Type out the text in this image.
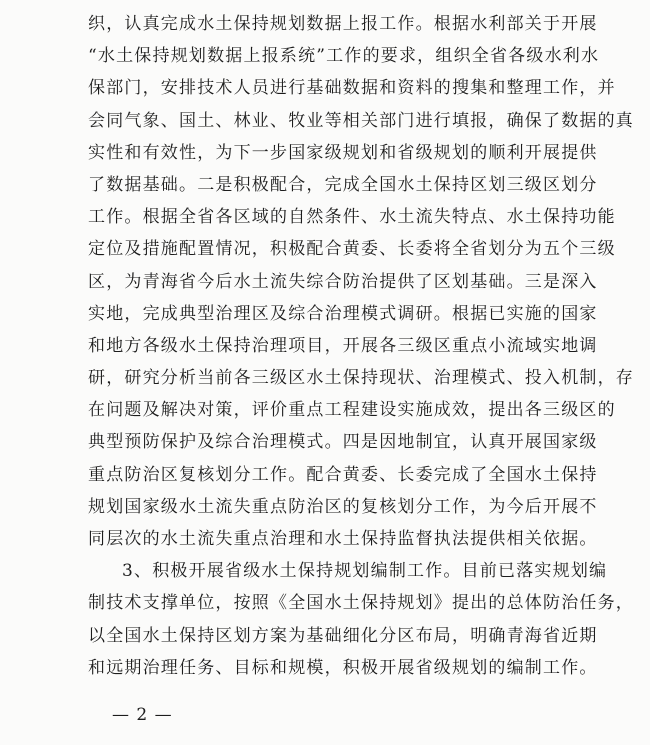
织，认真完成水土保持规划数据上报工作。根据水利部关于开展
“水土保持规划数据上报系统”工作的要求，组织全省各级水利水
保部门，安排技术人员进行基础数据和资料的搜集和整理工作，并
会同气象、国土、林业、牧业等相关部门进行填报，确保了数据的真
实性和有效性，为下一步国家级规划和省级规划的顺利开展提供
了数据基础。二是积极配合，完成全国水土保持区划三级区划分
工作。根据全省各区域的自然条件、水土流失特点、水土保持功能
定位及措施配置情况，积极配合黄委、长委将全省划分为五个三级
区，为青海省今后水土流失综合防治提供了区划基础。三是深入
实地，完成典型治理区及综合治理模式调研。根据已实施的国家
和地方各级水土保持治理项目，开展各三级区重点小流域实地调
研，研究分析当前各三级区水土保持现状、治理模式、投入机制，存
在问题及解决对策，评价重点工程建设实施成效，提出各三级区的
典型预防保护及综合治理模式。四是因地制宜，认真开展国家级
重点防治区复核划分工作。配合黄委、长委完成了全国水土保持
规划国家级水土流失重点防治区的复核划分工作，为今后开展不
同层次的水土流失重点治理和水土保持监督执法提供相关依据。
3、积极开展省级水土保持规划编制工作。目前已落实规划编
制技术支撑单位，按照《全国水土保持规划》提出的总体防治任务，
以全国水土保持区划方案为基础细化分区布局，明确青海省近期
和远期治理任务、目标和规模，积极开展省级规划的编制工作。
— 2 —
